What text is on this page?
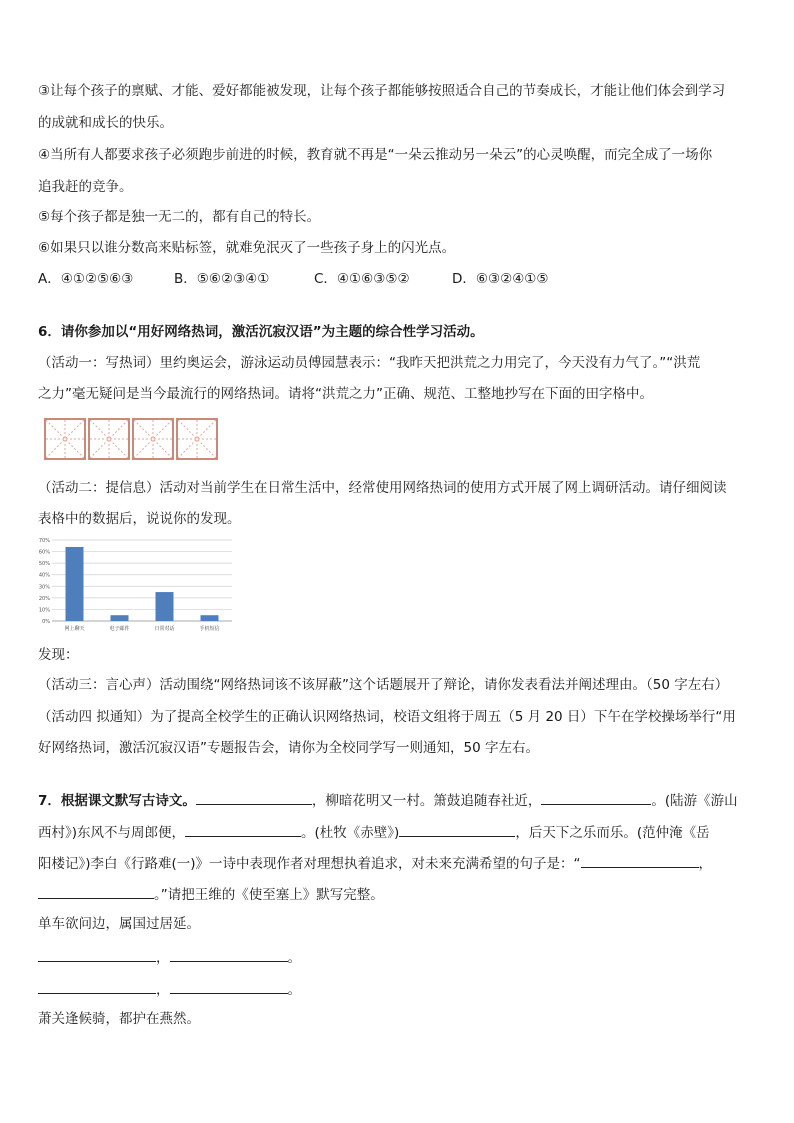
③让每个孩子的禀赋、才能、爱好都能被发现，让每个孩子都能够按照适合自己的节奏成长，才能让他们体会到学习
的成就和成长的快乐。
④当所有人都要求孩子必须跑步前进的时候，教育就不再是“一朵云推动另一朵云”的心灵唤醒，而完全成了一场你
追我赶的竞争。
⑤每个孩子都是独一无二的，都有自己的特长。
⑥如果只以谁分数高来贴标签，就难免泯灭了一些孩子身上的闪光点。
A．④①②⑤⑥③	B．⑤⑥②③④①	C．④①⑥③⑤②	D．⑥③②④①⑤
6．请你参加以“用好网络热词，激活沉寂汉语”为主题的综合性学习活动。
（活动一：写热词）里约奥运会，游泳运动员傅园慧表示：“我昨天把洪荒之力用完了，今天没有力气了。”“洪荒
之力”毫无疑问是当今最流行的网络热词。请将“洪荒之力”正确、规范、工整地抄写在下面的田字格中。
（活动二：提信息）活动对当前学生在日常生活中，经常使用网络热词的使用方式开展了网上调研活动。请仔细阅读
表格中的数据后，说说你的发现。
0%
10%
20%
30%
40%
50%
60%
70%
网上聊天	电子邮件	日常对话	手机短信
发现：
（活动三：言心声）活动围绕“网络热词该不该屏蔽”这个话题展开了辩论，请你发表看法并阐述理由。（50 字左右）
（活动四 拟通知）为了提高全校学生的正确认识网络热词，校语文组将于周五（5 月 20 日）下午在学校操场举行“用
好网络热词，激活沉寂汉语”专题报告会，请你为全校同学写一则通知，50 字左右。
7．根据课文默写古诗文。	，柳暗花明又一村。箫鼓追随春社近，	。(陆游《游山
西村》)东风不与周郎便，	。(杜牧《赤壁》)	，后天下之乐而乐。(范仲淹《岳
阳楼记》)李白《行路难(一)》一诗中表现作者对理想执着追求，对未来充满希望的句子是：“	，
。”请把王维的《使至塞上》默写完整。
单车欲问边，属国过居延。
，	。
，	。
萧关逢候骑，都护在燕然。
